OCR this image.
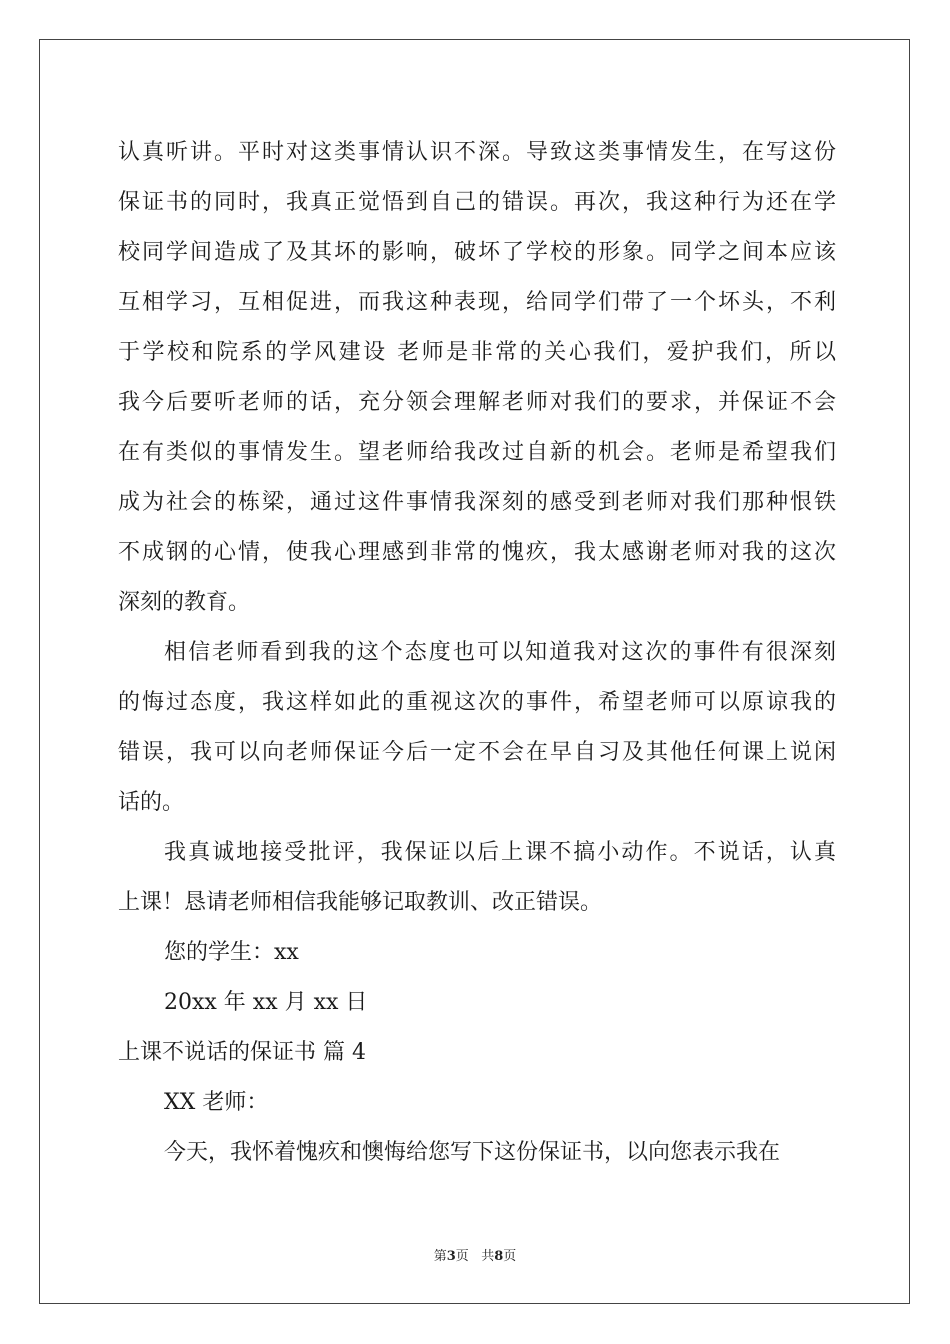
认真听讲。平时对这类事情认识不深。导致这类事情发生，在写这份
保证书的同时，我真正觉悟到自己的错误。再次，我这种行为还在学
校同学间造成了及其坏的影响，破坏了学校的形象。同学之间本应该
互相学习，互相促进，而我这种表现，给同学们带了一个坏头，不利
于学校和院系的学风建设 老师是非常的关心我们，爱护我们，所以
我今后要听老师的话，充分领会理解老师对我们的要求，并保证不会
在有类似的事情发生。望老师给我改过自新的机会。老师是希望我们
成为社会的栋梁，通过这件事情我深刻的感受到老师对我们那种恨铁
不成钢的心情，使我心理感到非常的愧疚，我太感谢老师对我的这次
深刻的教育。
相信老师看到我的这个态度也可以知道我对这次的事件有很深刻
的悔过态度，我这样如此的重视这次的事件，希望老师可以原谅我的
错误，我可以向老师保证今后一定不会在早自习及其他任何课上说闲
话的。
我真诚地接受批评，我保证以后上课不搞小动作。不说话，认真
上课！恳请老师相信我能够记取教训、改正错误。
您的学生：xx
20xx 年 xx 月 xx 日
上课不说话的保证书 篇 4
XX 老师：
今天，我怀着愧疚和懊悔给您写下这份保证书，以向您表示我在
第3页   共8页
